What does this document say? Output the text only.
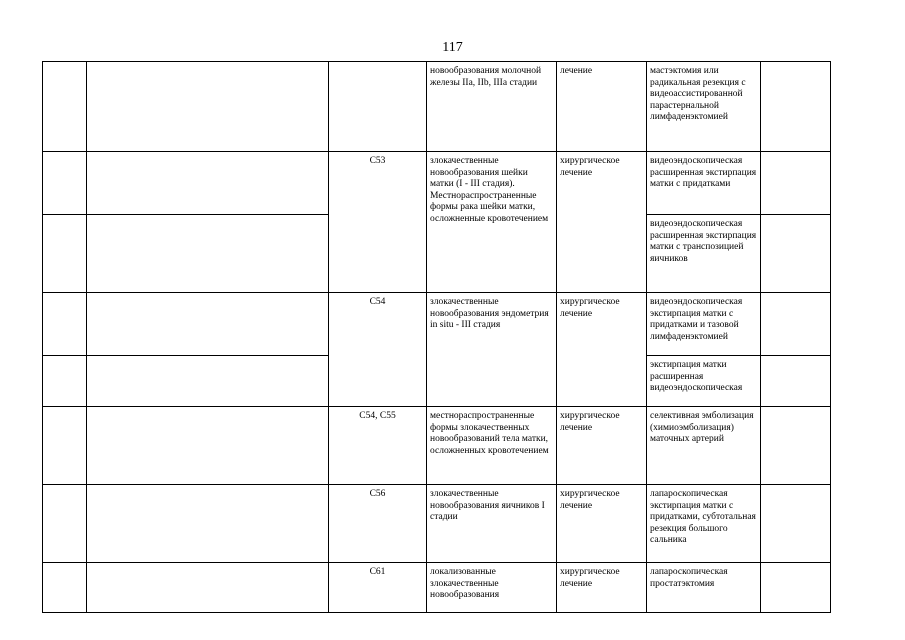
117
			новообразования молочной железы IIa, IIb, IIIa стадии	лечение	мастэктомия или радикальная резекция с видеоассистированной парастернальной лимфаденэктомией	
		C53	злокачественные новообразования шейки матки (I - III стадия). Местнораспространенные формы рака шейки матки, осложненные кровотечением	хирургическое лечение	видеоэндоскопическая расширенная экстирпация матки с придатками	
					видеоэндоскопическая расширенная экстирпация матки с транспозицией яичников	
		C54	злокачественные новообразования эндометрия in situ - III стадия	хирургическое лечение	видеоэндоскопическая экстирпация матки с придатками и тазовой лимфаденэктомией	
					экстирпация матки расширенная видеоэндоскопическая	
		C54, C55	местнораспространенные формы злокачественных новообразований тела матки, осложненных кровотечением	хирургическое лечение	селективная эмболизация (химиоэмболизация) маточных артерий	
		C56	злокачественные новообразования яичников I стадии	хирургическое лечение	лапароскопическая экстирпация матки с придатками, субтотальная резекция большого сальника	
		C61	локализованные злокачественные новообразования	хирургическое лечение	лапароскопическая простатэктомия	
